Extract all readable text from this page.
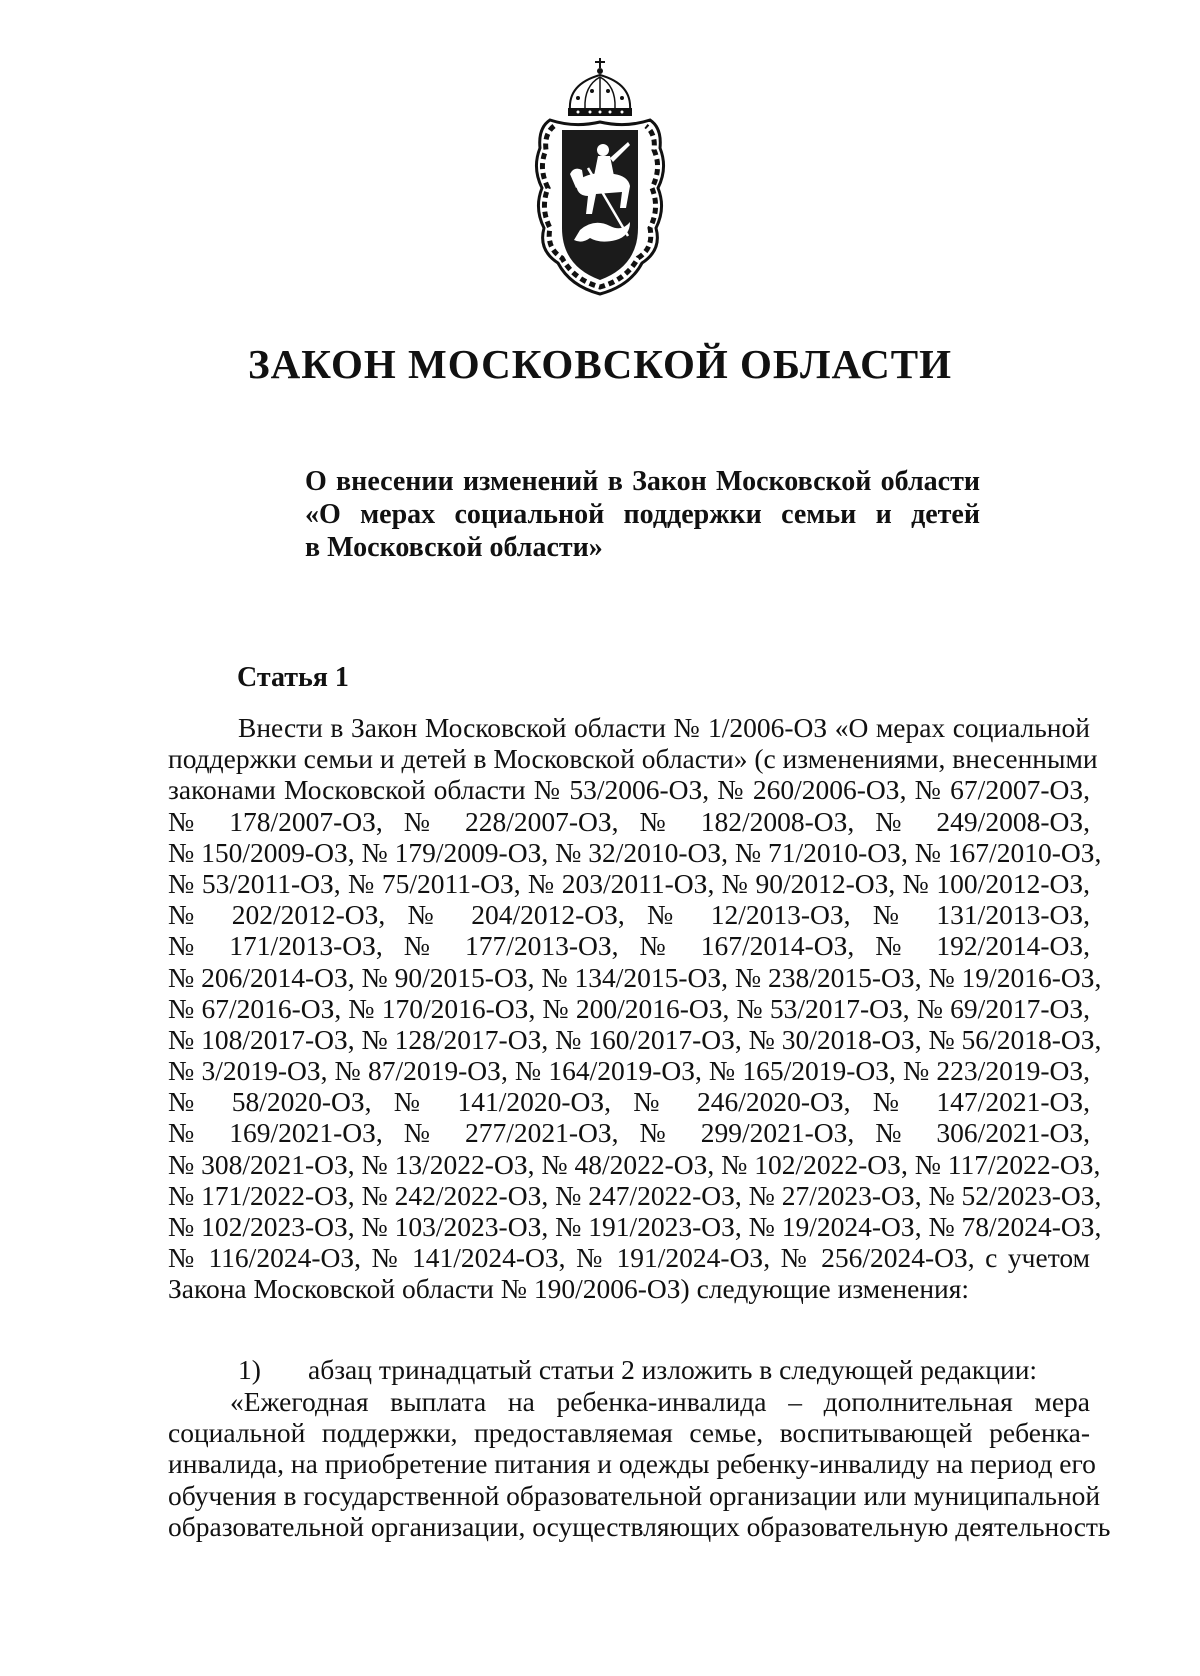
ЗАКОН МОСКОВСКОЙ ОБЛАСТИ
О внесении изменений в Закон Московской области
«О мерах социальной поддержки семьи и детей
в Московской области»
Статья 1
Внести в Закон Московской области № 1/2006-ОЗ «О мерах социальной
поддержки семьи и детей в Московской области» (с изменениями, внесенными
законами Московской области № 53/2006-ОЗ, № 260/2006-ОЗ, № 67/2007-ОЗ,
№ 178/2007-ОЗ, № 228/2007-ОЗ, № 182/2008-ОЗ, № 249/2008-ОЗ,
№ 150/2009-ОЗ, № 179/2009-ОЗ, № 32/2010-ОЗ, № 71/2010-ОЗ, № 167/2010-ОЗ,
№ 53/2011-ОЗ, № 75/2011-ОЗ, № 203/2011-ОЗ, № 90/2012-ОЗ, № 100/2012-ОЗ,
№ 202/2012-ОЗ, № 204/2012-ОЗ, № 12/2013-ОЗ, № 131/2013-ОЗ,
№ 171/2013-ОЗ, № 177/2013-ОЗ, № 167/2014-ОЗ, № 192/2014-ОЗ,
№ 206/2014-ОЗ, № 90/2015-ОЗ, № 134/2015-ОЗ, № 238/2015-ОЗ, № 19/2016-ОЗ,
№ 67/2016-ОЗ, № 170/2016-ОЗ, № 200/2016-ОЗ, № 53/2017-ОЗ, № 69/2017-ОЗ,
№ 108/2017-ОЗ, № 128/2017-ОЗ, № 160/2017-ОЗ, № 30/2018-ОЗ, № 56/2018-ОЗ,
№ 3/2019-ОЗ, № 87/2019-ОЗ, № 164/2019-ОЗ, № 165/2019-ОЗ, № 223/2019-ОЗ,
№ 58/2020-ОЗ, № 141/2020-ОЗ, № 246/2020-ОЗ, № 147/2021-ОЗ,
№ 169/2021-ОЗ, № 277/2021-ОЗ, № 299/2021-ОЗ, № 306/2021-ОЗ,
№ 308/2021-ОЗ, № 13/2022-ОЗ, № 48/2022-ОЗ, № 102/2022-ОЗ, № 117/2022-ОЗ,
№ 171/2022-ОЗ, № 242/2022-ОЗ, № 247/2022-ОЗ, № 27/2023-ОЗ, № 52/2023-ОЗ,
№ 102/2023-ОЗ, № 103/2023-ОЗ, № 191/2023-ОЗ, № 19/2024-ОЗ, № 78/2024-ОЗ,
№ 116/2024-ОЗ, № 141/2024-ОЗ, № 191/2024-ОЗ, № 256/2024-ОЗ, с учетом
Закона Московской области № 190/2006-ОЗ) следующие изменения:
1) абзац тринадцатый статьи 2 изложить в следующей редакции:
«Ежегодная выплата на ребенка-инвалида – дополнительная мера
социальной поддержки, предоставляемая семье, воспитывающей ребенка-
инвалида, на приобретение питания и одежды ребенку-инвалиду на период его
обучения в государственной образовательной организации или муниципальной
образовательной организации, осуществляющих образовательную деятельность
